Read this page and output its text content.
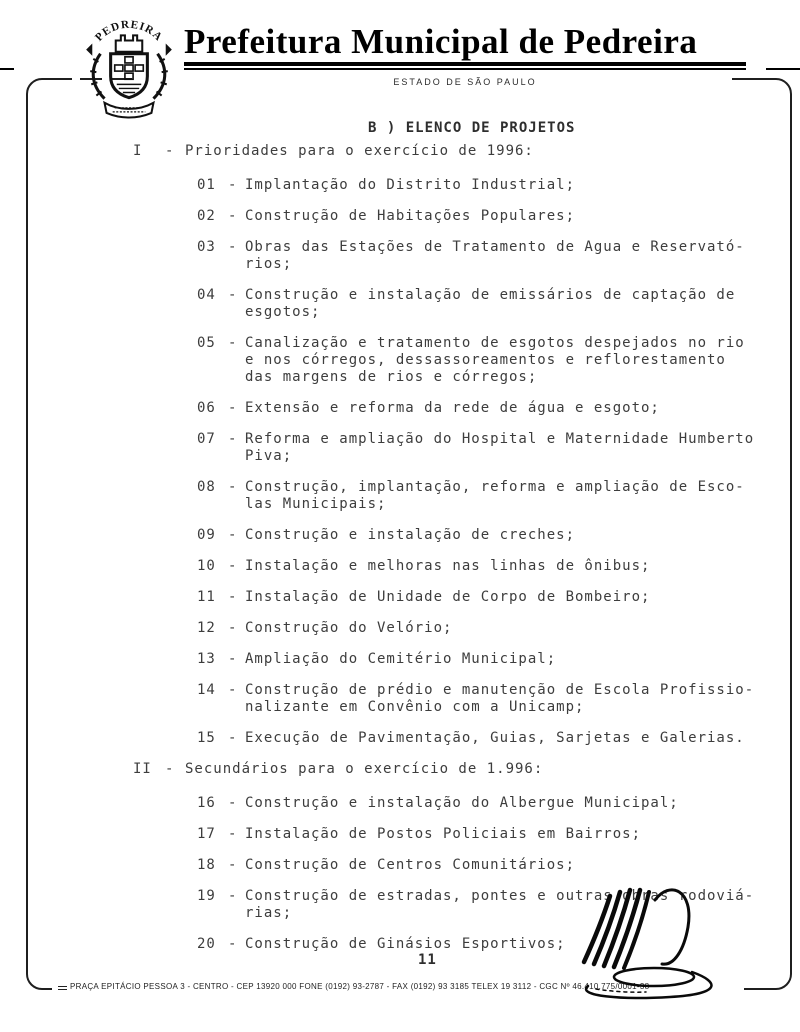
PEDREIRA Prefeitura Municipal de Pedreira
ESTADO DE SÃO PAULO
B ) ELENCO DE PROJETOS
I	- Prioridades para o exercício de 1996:
01 - Implantação do Distrito Industrial;
02 - Construção de Habitações Populares;
03 - Obras das Estações de Tratamento de Agua e Reservató-
rios;
04 - Construção e instalação de emissários de captação de
esgotos;
05 - Canalização e tratamento de esgotos despejados no rio
e nos córregos, dessassoreamentos e reflorestamento
das margens de rios e córregos;
06 - Extensão e reforma da rede de água e esgoto;
07 - Reforma e ampliação do Hospital e Maternidade Humberto
Piva;
08 - Construção, implantação, reforma e ampliação de Esco-
las Municipais;
09 - Construção e instalação de creches;
10 - Instalação e melhoras nas linhas de ônibus;
11 - Instalação de Unidade de Corpo de Bombeiro;
12 - Construção do Velório;
13 - Ampliação do Cemitério Municipal;
14 - Construção de prédio e manutenção de Escola Profissio-
nalizante em Convênio com a Unicamp;
15 - Execução de Pavimentação, Guias, Sarjetas e Galerias.
II - Secundários para o exercício de 1.996:
16 - Construção e instalação do Albergue Municipal;
17 - Instalação de Postos Policiais em Bairros;
18 - Construção de Centros Comunitários;
19 - Construção de estradas, pontes e outras obras rodoviá-
rias;
20 - Construção de Ginásios Esportivos;
11
PRAÇA EPITÁCIO PESSOA 3 - CENTRO - CEP 13920 000 FONE (0192) 93-2787 - FAX (0192) 93 3185 TELEX 19 3112 - CGC Nº 46.410.775/0001-38
